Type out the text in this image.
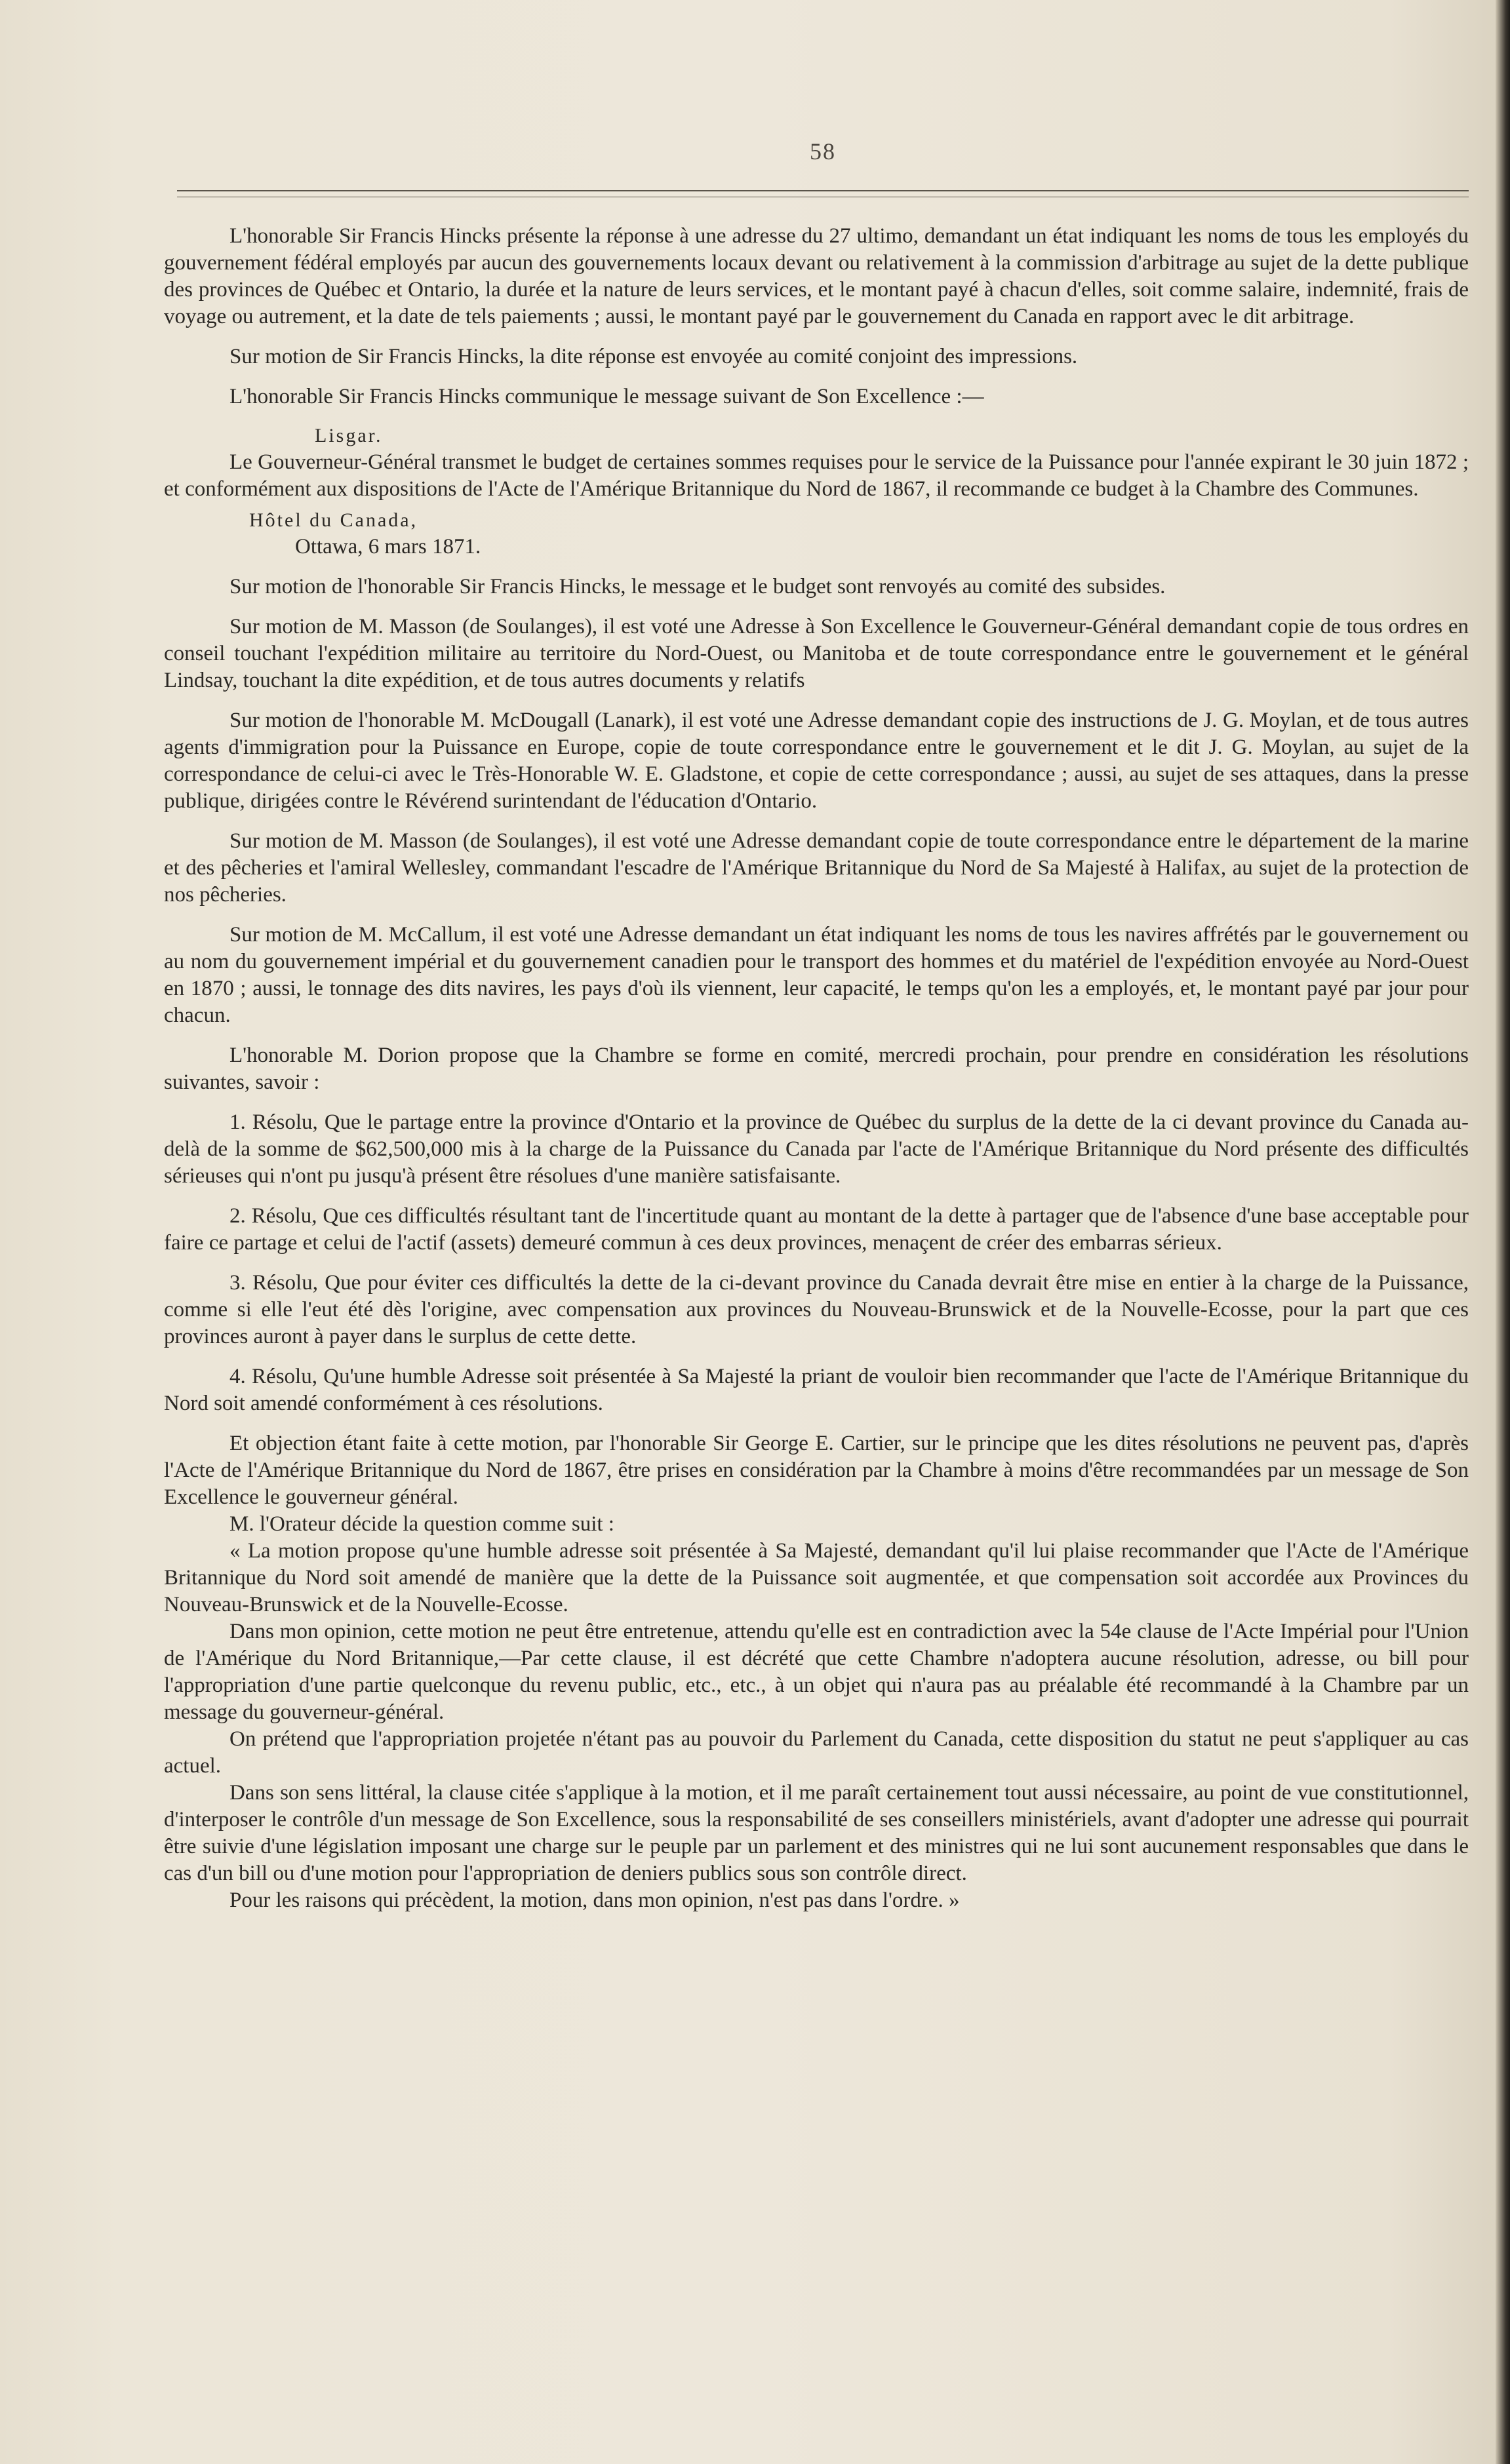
58

L'honorable Sir Francis Hincks présente la réponse à une adresse du 27 ultimo, demandant un état indiquant les noms de tous les employés du gouvernement fédéral employés par aucun des gouvernements locaux devant ou relativement à la commission d'arbitrage au sujet de la dette publique des provinces de Québec et Ontario, la durée et la nature de leurs services, et le montant payé à chacun d'elles, soit comme salaire, indemnité, frais de voyage ou autrement, et la date de tels paiements ; aussi, le montant payé par le gouvernement du Canada en rapport avec le dit arbitrage.

Sur motion de Sir Francis Hincks, la dite réponse est envoyée au comité conjoint des impressions.

L'honorable Sir Francis Hincks communique le message suivant de Son Excellence :—

Lisgar.

Le Gouverneur-Général transmet le budget de certaines sommes requises pour le service de la Puissance pour l'année expirant le 30 juin 1872 ; et conformément aux dispositions de l'Acte de l'Amérique Britannique du Nord de 1867, il recommande ce budget à la Chambre des Communes.

Hôtel du Canada,
Ottawa, 6 mars 1871.

Sur motion de l'honorable Sir Francis Hincks, le message et le budget sont renvoyés au comité des subsides.

Sur motion de M. Masson (de Soulanges), il est voté une Adresse à Son Excellence le Gouverneur-Général demandant copie de tous ordres en conseil touchant l'expédition militaire au territoire du Nord-Ouest, ou Manitoba et de toute correspondance entre le gouvernement et le général Lindsay, touchant la dite expédition, et de tous autres documents y relatifs

Sur motion de l'honorable M. McDougall (Lanark), il est voté une Adresse demandant copie des instructions de J. G. Moylan, et de tous autres agents d'immigration pour la Puissance en Europe, copie de toute correspondance entre le gouvernement et le dit J. G. Moylan, au sujet de la correspondance de celui-ci avec le Très-Honorable W. E. Gladstone, et copie de cette correspondance ; aussi, au sujet de ses attaques, dans la presse publique, dirigées contre le Révérend surintendant de l'éducation d'Ontario.

Sur motion de M. Masson (de Soulanges), il est voté une Adresse demandant copie de toute correspondance entre le département de la marine et des pêcheries et l'amiral Wellesley, commandant l'escadre de l'Amérique Britannique du Nord de Sa Majesté à Halifax, au sujet de la protection de nos pêcheries.

Sur motion de M. McCallum, il est voté une Adresse demandant un état indiquant les noms de tous les navires affrétés par le gouvernement ou au nom du gouvernement impérial et du gouvernement canadien pour le transport des hommes et du matériel de l'expédition envoyée au Nord-Ouest en 1870 ; aussi, le tonnage des dits navires, les pays d'où ils viennent, leur capacité, le temps qu'on les a employés, et, le montant payé par jour pour chacun.

L'honorable M. Dorion propose que la Chambre se forme en comité, mercredi prochain, pour prendre en considération les résolutions suivantes, savoir :

1. Résolu, Que le partage entre la province d'Ontario et la province de Québec du surplus de la dette de la ci devant province du Canada au-delà de la somme de $62,500,000 mis à la charge de la Puissance du Canada par l'acte de l'Amérique Britannique du Nord présente des difficultés sérieuses qui n'ont pu jusqu'à présent être résolues d'une manière satisfaisante.

2. Résolu, Que ces difficultés résultant tant de l'incertitude quant au montant de la dette à partager que de l'absence d'une base acceptable pour faire ce partage et celui de l'actif (assets) demeuré commun à ces deux provinces, menaçent de créer des embarras sérieux.

3. Résolu, Que pour éviter ces difficultés la dette de la ci-devant province du Canada devrait être mise en entier à la charge de la Puissance, comme si elle l'eut été dès l'origine, avec compensation aux provinces du Nouveau-Brunswick et de la Nouvelle-Ecosse, pour la part que ces provinces auront à payer dans le surplus de cette dette.

4. Résolu, Qu'une humble Adresse soit présentée à Sa Majesté la priant de vouloir bien recommander que l'acte de l'Amérique Britannique du Nord soit amendé conformément à ces résolutions.

Et objection étant faite à cette motion, par l'honorable Sir George E. Cartier, sur le principe que les dites résolutions ne peuvent pas, d'après l'Acte de l'Amérique Britannique du Nord de 1867, être prises en considération par la Chambre à moins d'être recommandées par un message de Son Excellence le gouverneur général.

M. l'Orateur décide la question comme suit :

« La motion propose qu'une humble adresse soit présentée à Sa Majesté, demandant qu'il lui plaise recommander que l'Acte de l'Amérique Britannique du Nord soit amendé de manière que la dette de la Puissance soit augmentée, et que compensation soit accordée aux Provinces du Nouveau-Brunswick et de la Nouvelle-Ecosse.

Dans mon opinion, cette motion ne peut être entretenue, attendu qu'elle est en contradiction avec la 54e clause de l'Acte Impérial pour l'Union de l'Amérique du Nord Britannique,—Par cette clause, il est décrété que cette Chambre n'adoptera aucune résolution, adresse, ou bill pour l'appropriation d'une partie quelconque du revenu public, etc., etc., à un objet qui n'aura pas au préalable été recommandé à la Chambre par un message du gouverneur-général.

On prétend que l'appropriation projetée n'étant pas au pouvoir du Parlement du Canada, cette disposition du statut ne peut s'appliquer au cas actuel.

Dans son sens littéral, la clause citée s'applique à la motion, et il me paraît certainement tout aussi nécessaire, au point de vue constitutionnel, d'interposer le contrôle d'un message de Son Excellence, sous la responsabilité de ses conseillers ministériels, avant d'adopter une adresse qui pourrait être suivie d'une législation imposant une charge sur le peuple par un parlement et des ministres qui ne lui sont aucunement responsables que dans le cas d'un bill ou d'une motion pour l'appropriation de deniers publics sous son contrôle direct.

Pour les raisons qui précèdent, la motion, dans mon opinion, n'est pas dans l'ordre. »
